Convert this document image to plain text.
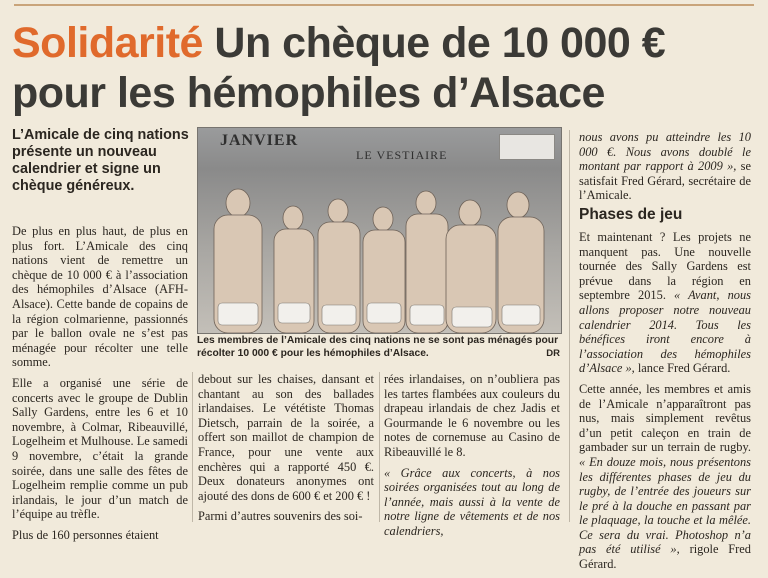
Solidarité Un chèque de 10 000 €
pour les hémophiles d’Alsace
L’Amicale de cinq nations présente un nouveau calendrier et signe un chèque généreux.

De plus en plus haut, de plus en plus fort. L’Amicale des cinq nations vient de remettre un chèque de 10 000 € à l’association des hémophiles d’Alsace (AFH-Alsace). Cette bande de copains de la région colmarienne, passionnés par le ballon ovale ne s’est pas ménagée pour récolter une telle somme.

Elle a organisé une série de concerts avec le groupe de Dublin Sally Gardens, entre les 6 et 10 novembre, à Colmar, Ribeauvillé, Logelheim et Mulhouse. Le samedi 9 novembre, c’était la grande soirée, dans une salle des fêtes de Logelheim remplie comme un pub irlandais, le jour d’un match de l’équipe au trèfle.

Plus de 160 personnes étaient

JANVIER
LE VESTIAIRE
Les membres de l’Amicale des cinq nations ne se sont pas ménagés pour récolter 10 000 € pour les hémophiles d’Alsace.	DR

debout sur les chaises, dansant et chantant au son des ballades irlandaises. Le vététiste Thomas Dietsch, parrain de la soirée, a offert son maillot de champion de France, pour une vente aux enchères qui a rapporté 450 €. Deux donateurs anonymes ont ajouté des dons de 600 € et 200 € !

Parmi d’autres souvenirs des soi-

rées irlandaises, on n’oubliera pas les tartes flambées aux couleurs du drapeau irlandais de chez Jadis et Gourmande le 6 novembre ou les notes de cornemuse au Casino de Ribeauvillé le 8.

« Grâce aux concerts, à nos soirées organisées tout au long de l’année, mais aussi à la vente de notre ligne de vêtements et de nos calendriers,

nous avons pu atteindre les 10 000 €. Nous avons doublé le montant par rapport à 2009 », se satisfait Fred Gérard, secrétaire de l’Amicale.

Phases de jeu

Et maintenant ? Les projets ne manquent pas. Une nouvelle tournée des Sally Gardens est prévue dans la région en septembre 2015. « Avant, nous allons proposer notre nouveau calendrier 2014. Tous les bénéfices iront encore à l’association des hémophiles d’Alsace », lance Fred Gérard.

Cette année, les membres et amis de l’Amicale n’apparaîtront pas nus, mais simplement revêtus d’un petit caleçon en train de gambader sur un terrain de rugby. « En douze mois, nous présentons les différentes phases de jeu du rugby, de l’entrée des joueurs sur le pré à la douche en passant par le plaquage, la touche et la mêlée. Ce sera du vrai. Photoshop n’a pas été utilisé », rigole Fred Gérard.
